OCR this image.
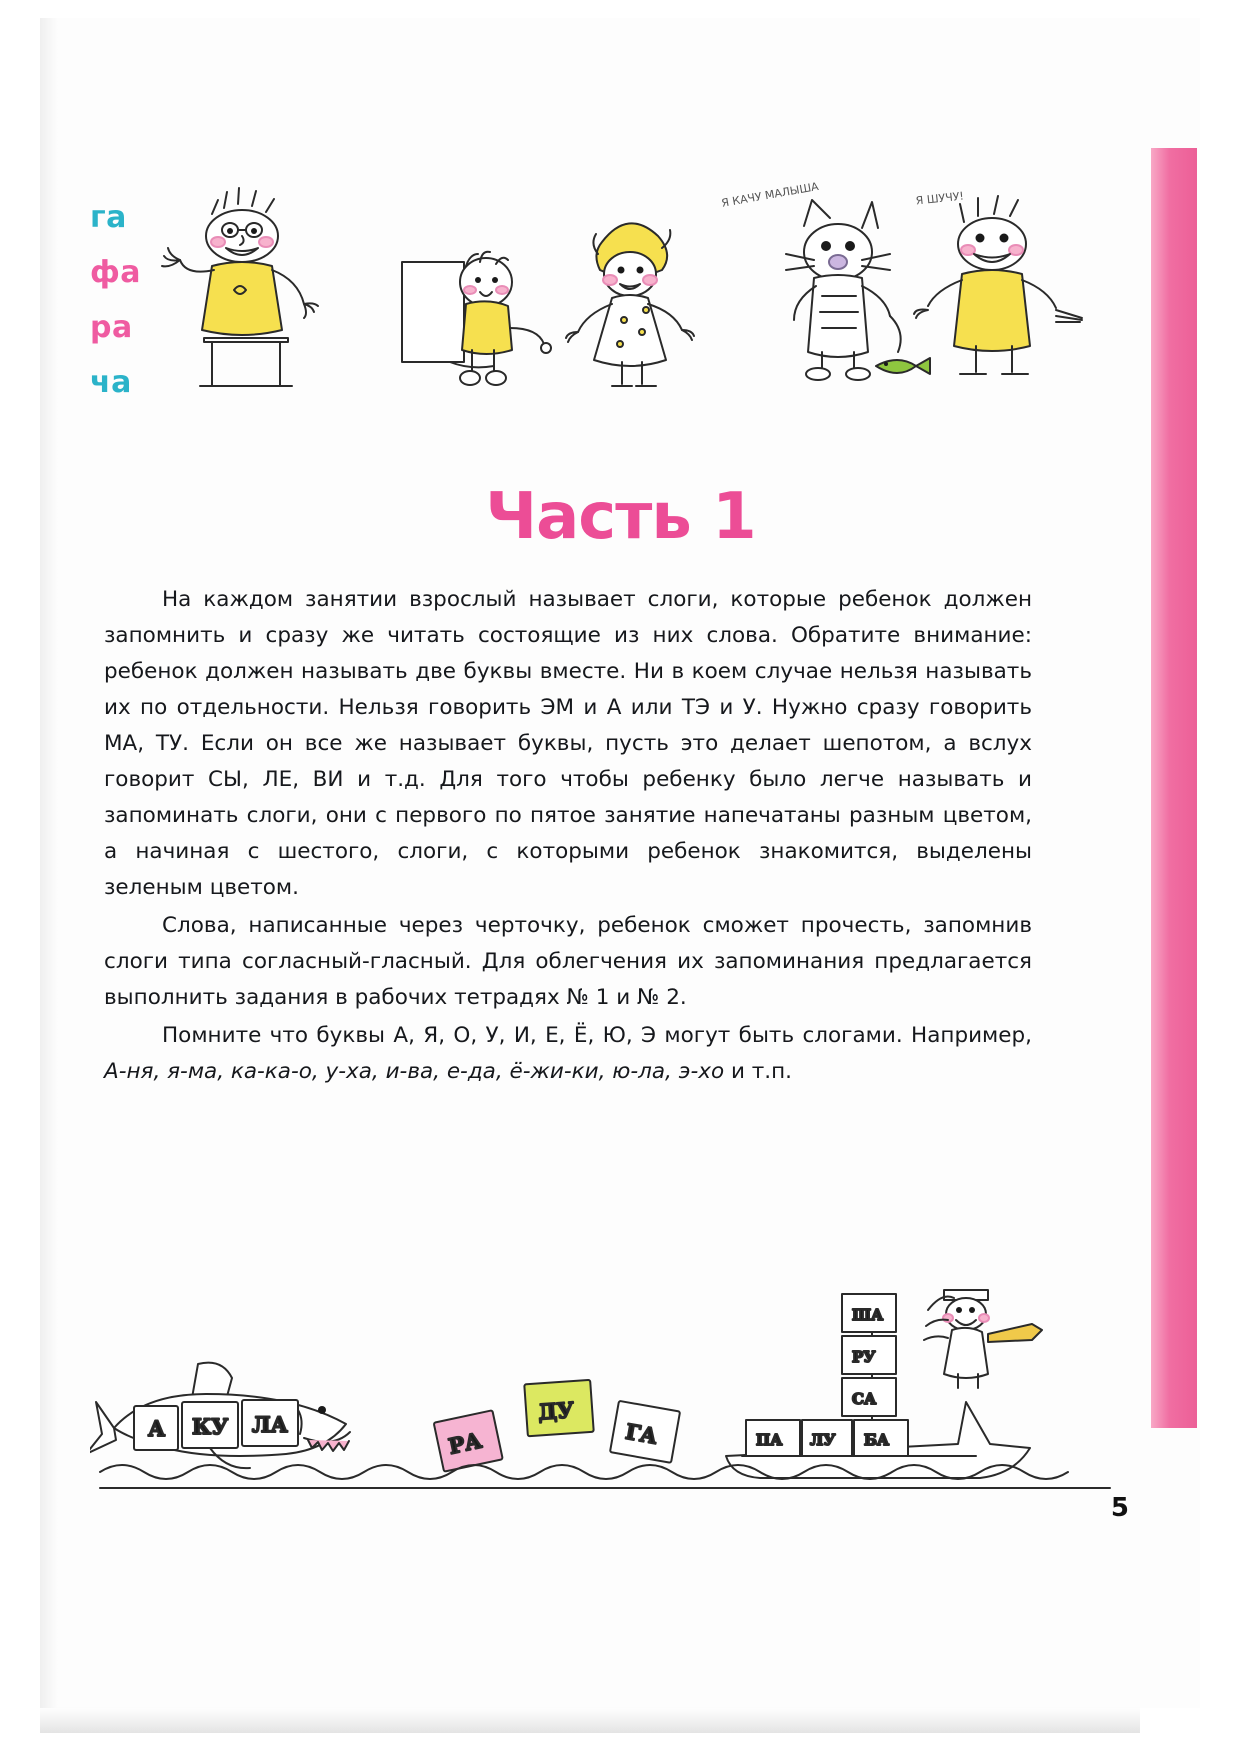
га
фа
ра
ча
Я КАЧУ МАЛЫША	Я ШУЧУ!
Часть 1

На каждом занятии взрослый называет слоги, которые ребенок должен запомнить и сразу же читать состоящие из них слова. Обратите внимание: ребенок должен называть две буквы вместе. Ни в коем случае нельзя называть их по отдельности. Нельзя говорить ЭМ и А или ТЭ и У. Нужно сразу говорить МА, ТУ. Если он все же называет буквы, пусть это делает шепотом, а вслух говорит СЫ, ЛЕ, ВИ и т.д. Для того чтобы ребенку было легче называть и запоминать слоги, они с первого по пятое занятие напечатаны разным цветом, а начиная с шестого, слоги, с которыми ребенок знакомится, выделены зеленым цветом.

Слова, написанные через черточку, ребенок сможет прочесть, запомнив слоги типа согласный-гласный. Для облегчения их запоминания предлагается выполнить задания в рабочих тетрадях № 1 и № 2.

Помните что буквы А, Я, О, У, И, Е, Ё, Ю, Э могут быть слогами. Например, А-ня, я-ма, ка-ка-о, у-ха, и-ва, е-да, ё-жи-ки, ю-ла, э-хо и т.п.

А КУ ЛА
РА
ДУ
ГА	ПА ЛУ БА
ША
РУ
СА
5
